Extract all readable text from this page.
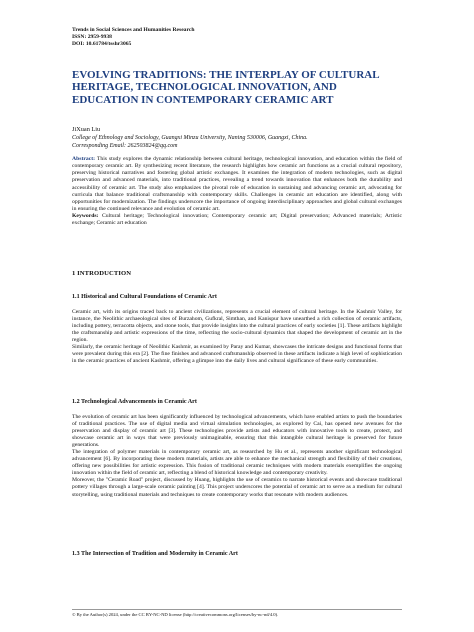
Trends in Social Sciences and Humanities Research
ISSN: 2959-9938
DOI: 10.61784/tsshr3065
EVOLVING TRADITIONS: THE INTERPLAY OF CULTURAL HERITAGE, TECHNOLOGICAL INNOVATION, AND EDUCATION IN CONTEMPORARY CERAMIC ART
JiXuan Liu
College of Ethnology and Sociology, Guangxi Minzu University, Naning 530006, Guangxi, China.
Corresponding Email: 262503824@qq.com
Abstract: This study explores the dynamic relationship between cultural heritage, technological innovation, and education within the field of contemporary ceramic art. By synthesizing recent literature, the research highlights how ceramic art functions as a crucial cultural repository, preserving historical narratives and fostering global artistic exchanges. It examines the integration of modern technologies, such as digital preservation and advanced materials, into traditional practices, revealing a trend towards innovation that enhances both the durability and accessibility of ceramic art. The study also emphasizes the pivotal role of education in sustaining and advancing ceramic art, advocating for curricula that balance traditional craftsmanship with contemporary skills. Challenges in ceramic art education are identified, along with opportunities for modernization. The findings underscore the importance of ongoing interdisciplinary approaches and global cultural exchanges in ensuring the continued relevance and evolution of ceramic art.
Keywords: Cultural heritage; Technological innovation; Contemporary ceramic art; Digital preservation; Advanced materials; Artistic exchange; Ceramic art education
1 INTRODUCTION
1.1 Historical and Cultural Foundations of Ceramic Art

Ceramic art, with its origins traced back to ancient civilizations, represents a crucial element of cultural heritage. In the Kashmir Valley, for instance, the Neolithic archaeological sites of Burzahom, Gufkral, Simthan, and Kanispur have unearthed a rich collection of ceramic artifacts, including pottery, terracotta objects, and stone tools, that provide insights into the cultural practices of early societies [1]. These artifacts highlight the craftsmanship and artistic expressions of the time, reflecting the socio-cultural dynamics that shaped the development of ceramic art in the region.

Similarly, the ceramic heritage of Neolithic Kashmir, as examined by Paray and Kumar, showcases the intricate designs and functional forms that were prevalent during this era [2]. The fine finishes and advanced craftsmanship observed in these artifacts indicate a high level of sophistication in the ceramic practices of ancient Kashmir, offering a glimpse into the daily lives and cultural significance of these early communities.

1.2 Technological Advancements in Ceramic Art

The evolution of ceramic art has been significantly influenced by technological advancements, which have enabled artists to push the boundaries of traditional practices. The use of digital media and virtual simulation technologies, as explored by Cai, has opened new avenues for the preservation and display of ceramic art [3]. These technologies provide artists and educators with innovative tools to create, protect, and showcase ceramic art in ways that were previously unimaginable, ensuring that this intangible cultural heritage is preserved for future generations.

The integration of polymer materials in contemporary ceramic art, as researched by Hu et al., represents another significant technological advancement [6]. By incorporating these modern materials, artists are able to enhance the mechanical strength and flexibility of their creations, offering new possibilities for artistic expression. This fusion of traditional ceramic techniques with modern materials exemplifies the ongoing innovation within the field of ceramic art, reflecting a blend of historical knowledge and contemporary creativity.

Moreover, the "Ceramic Road" project, discussed by Huang, highlights the use of ceramics to narrate historical events and showcase traditional pottery villages through a large-scale ceramic painting [4]. This project underscores the potential of ceramic art to serve as a medium for cultural storytelling, using traditional materials and techniques to create contemporary works that resonate with modern audiences.

1.3 The Intersection of Tradition and Modernity in Ceramic Art
© By the Author(s) 2024, under the CC BY-NC-ND license (http://creativecommons.org/licenses/by-nc-nd/4.0).
